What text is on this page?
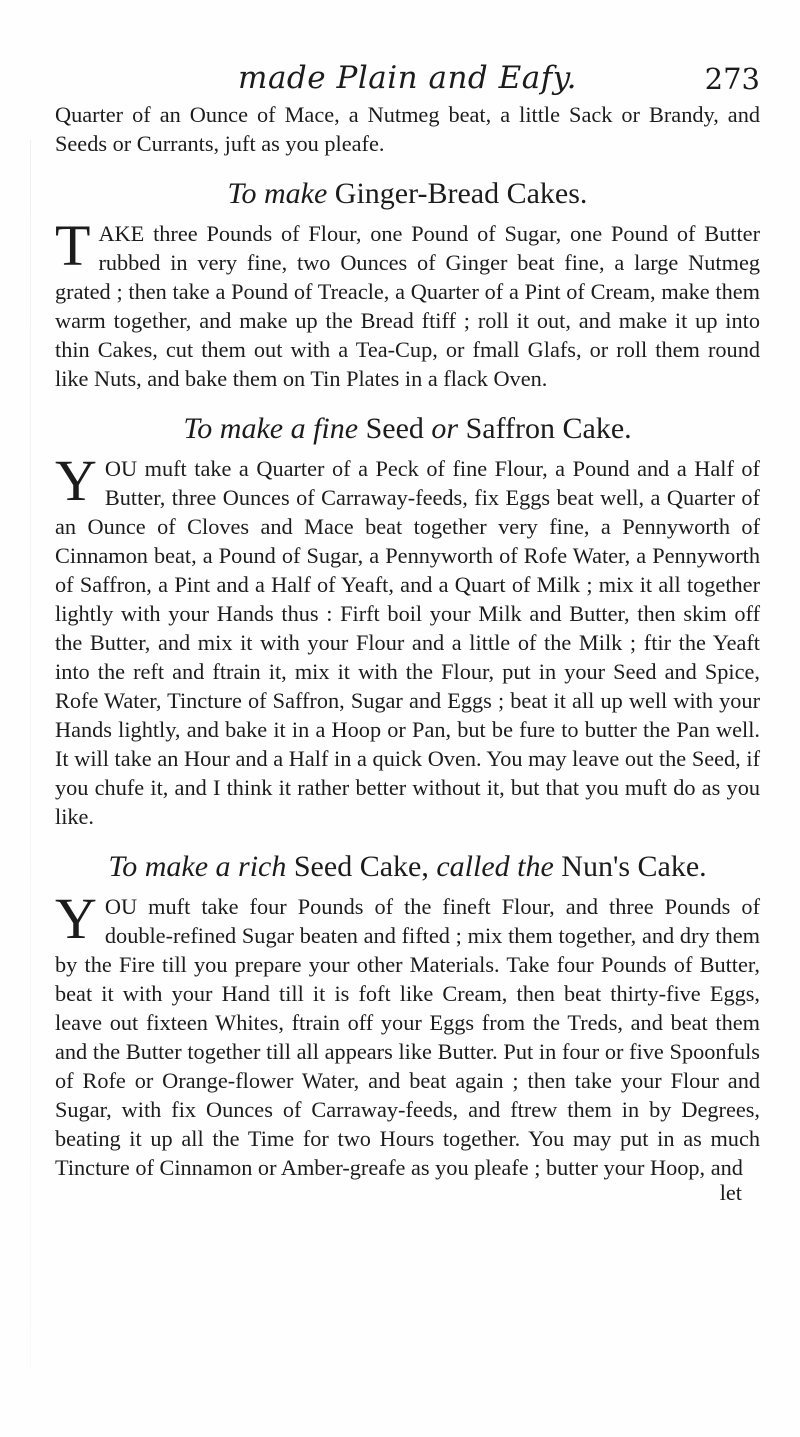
made Plain and Eafy.	273

Quarter of an Ounce of Mace, a Nutmeg beat, a little Sack or Brandy, and Seeds or Currants, juft as you pleafe.

To make Ginger-Bread Cakes.

TAKE three Pounds of Flour, one Pound of Sugar, one Pound of Butter rubbed in very fine, two Ounces of Ginger beat fine, a large Nutmeg grated ; then take a Pound of Treacle, a Quarter of a Pint of Cream, make them warm together, and make up the Bread ftiff ; roll it out, and make it up into thin Cakes, cut them out with a Tea-Cup, or fmall Glafs, or roll them round like Nuts, and bake them on Tin Plates in a flack Oven.

To make a fine Seed or Saffron Cake.

YOU muft take a Quarter of a Peck of fine Flour, a Pound and a Half of Butter, three Ounces of Carraway-feeds, fix Eggs beat well, a Quarter of an Ounce of Cloves and Mace beat together very fine, a Pennyworth of Cinnamon beat, a Pound of Sugar, a Pennyworth of Rofe Water, a Pennyworth of Saffron, a Pint and a Half of Yeaft, and a Quart of Milk ; mix it all together lightly with your Hands thus : Firft boil your Milk and Butter, then skim off the Butter, and mix it with your Flour and a little of the Milk ; ftir the Yeaft into the reft and ftrain it, mix it with the Flour, put in your Seed and Spice, Rofe Water, Tincture of Saffron, Sugar and Eggs ; beat it all up well with your Hands lightly, and bake it in a Hoop or Pan, but be fure to butter the Pan well. It will take an Hour and a Half in a quick Oven. You may leave out the Seed, if you chufe it, and I think it rather better without it, but that you muft do as you like.

To make a rich Seed Cake, called the Nun's Cake.

YOU muft take four Pounds of the fineft Flour, and three Pounds of double-refined Sugar beaten and fifted ; mix them together, and dry them by the Fire till you prepare your other Materials. Take four Pounds of Butter, beat it with your Hand till it is foft like Cream, then beat thirty-five Eggs, leave out fixteen Whites, ftrain off your Eggs from the Treds, and beat them and the Butter together till all appears like Butter. Put in four or five Spoonfuls of Rofe or Orange-flower Water, and beat again ; then take your Flour and Sugar, with fix Ounces of Carraway-feeds, and ftrew them in by Degrees, beating it up all the Time for two Hours together. You may put in as much Tincture of Cinnamon or Amber-greafe as you pleafe ; butter your Hoop, and

let
